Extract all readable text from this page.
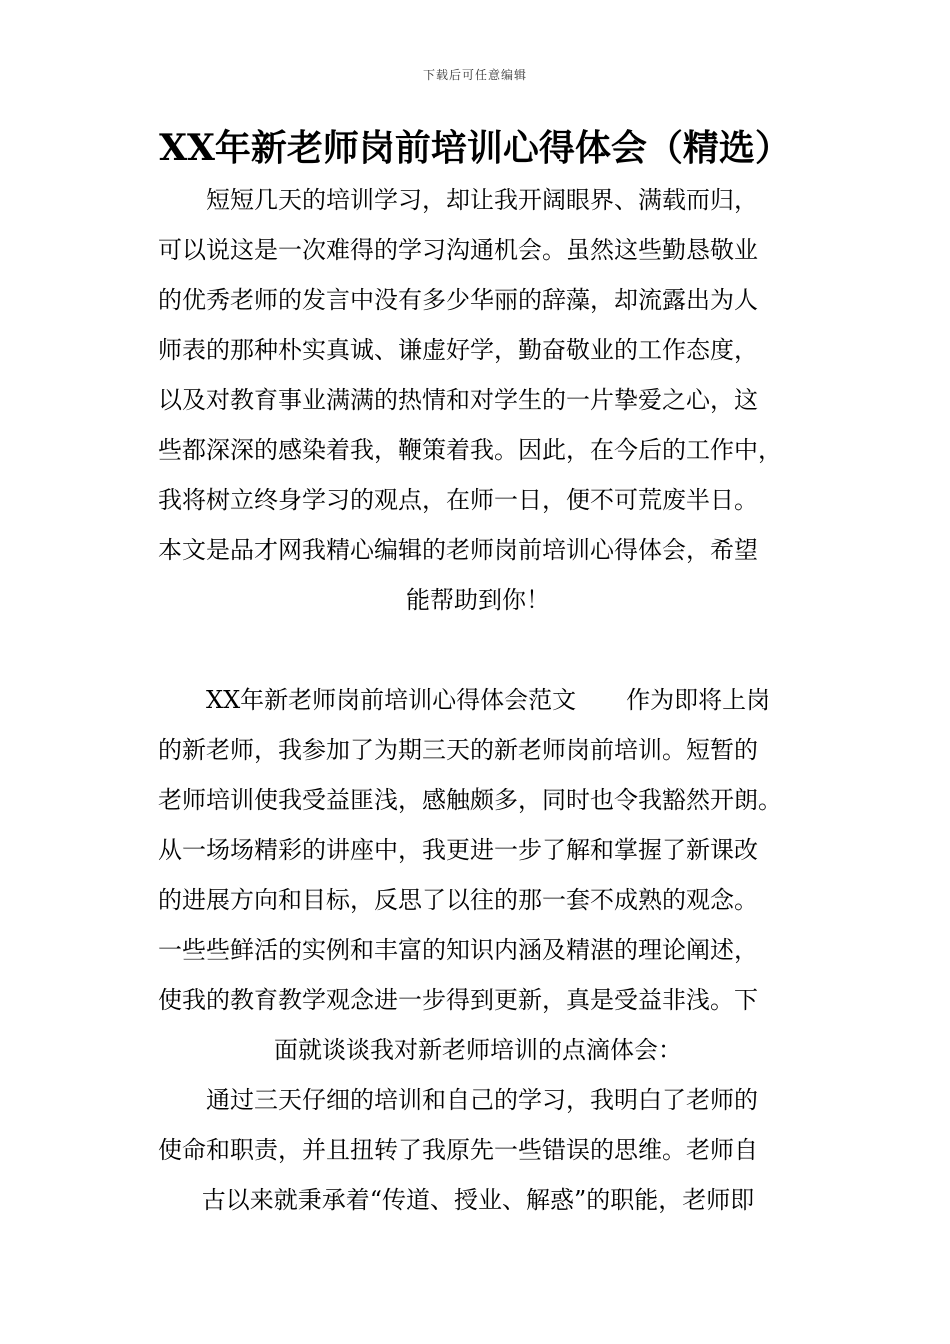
下载后可任意编辑
XX年新老师岗前培训心得体会（精选）

短短几天的培训学习，却让我开阔眼界、满载而归，

可以说这是一次难得的学习沟通机会。虽然这些勤恳敬业

的优秀老师的发言中没有多少华丽的辞藻，却流露出为人

师表的那种朴实真诚、谦虚好学，勤奋敬业的工作态度，

以及对教育事业满满的热情和对学生的一片挚爱之心，这

些都深深的感染着我，鞭策着我。因此，在今后的工作中，

我将树立终身学习的观点，在师一日，便不可荒废半日。

本文是品才网我精心编辑的老师岗前培训心得体会，希望

能帮助到你！

XX年新老师岗前培训心得体会范文 作为即将上岗

的新老师，我参加了为期三天的新老师岗前培训。短暂的

老师培训使我受益匪浅，感触颇多，同时也令我豁然开朗。

从一场场精彩的讲座中，我更进一步了解和掌握了新课改

的进展方向和目标，反思了以往的那一套不成熟的观念。

一些些鲜活的实例和丰富的知识内涵及精湛的理论阐述，

使我的教育教学观念进一步得到更新，真是受益非浅。下

面就谈谈我对新老师培训的点滴体会：

通过三天仔细的培训和自己的学习，我明白了老师的

使命和职责，并且扭转了我原先一些错误的思维。老师自

古以来就秉承着“传道、授业、解惑”的职能，老师即
